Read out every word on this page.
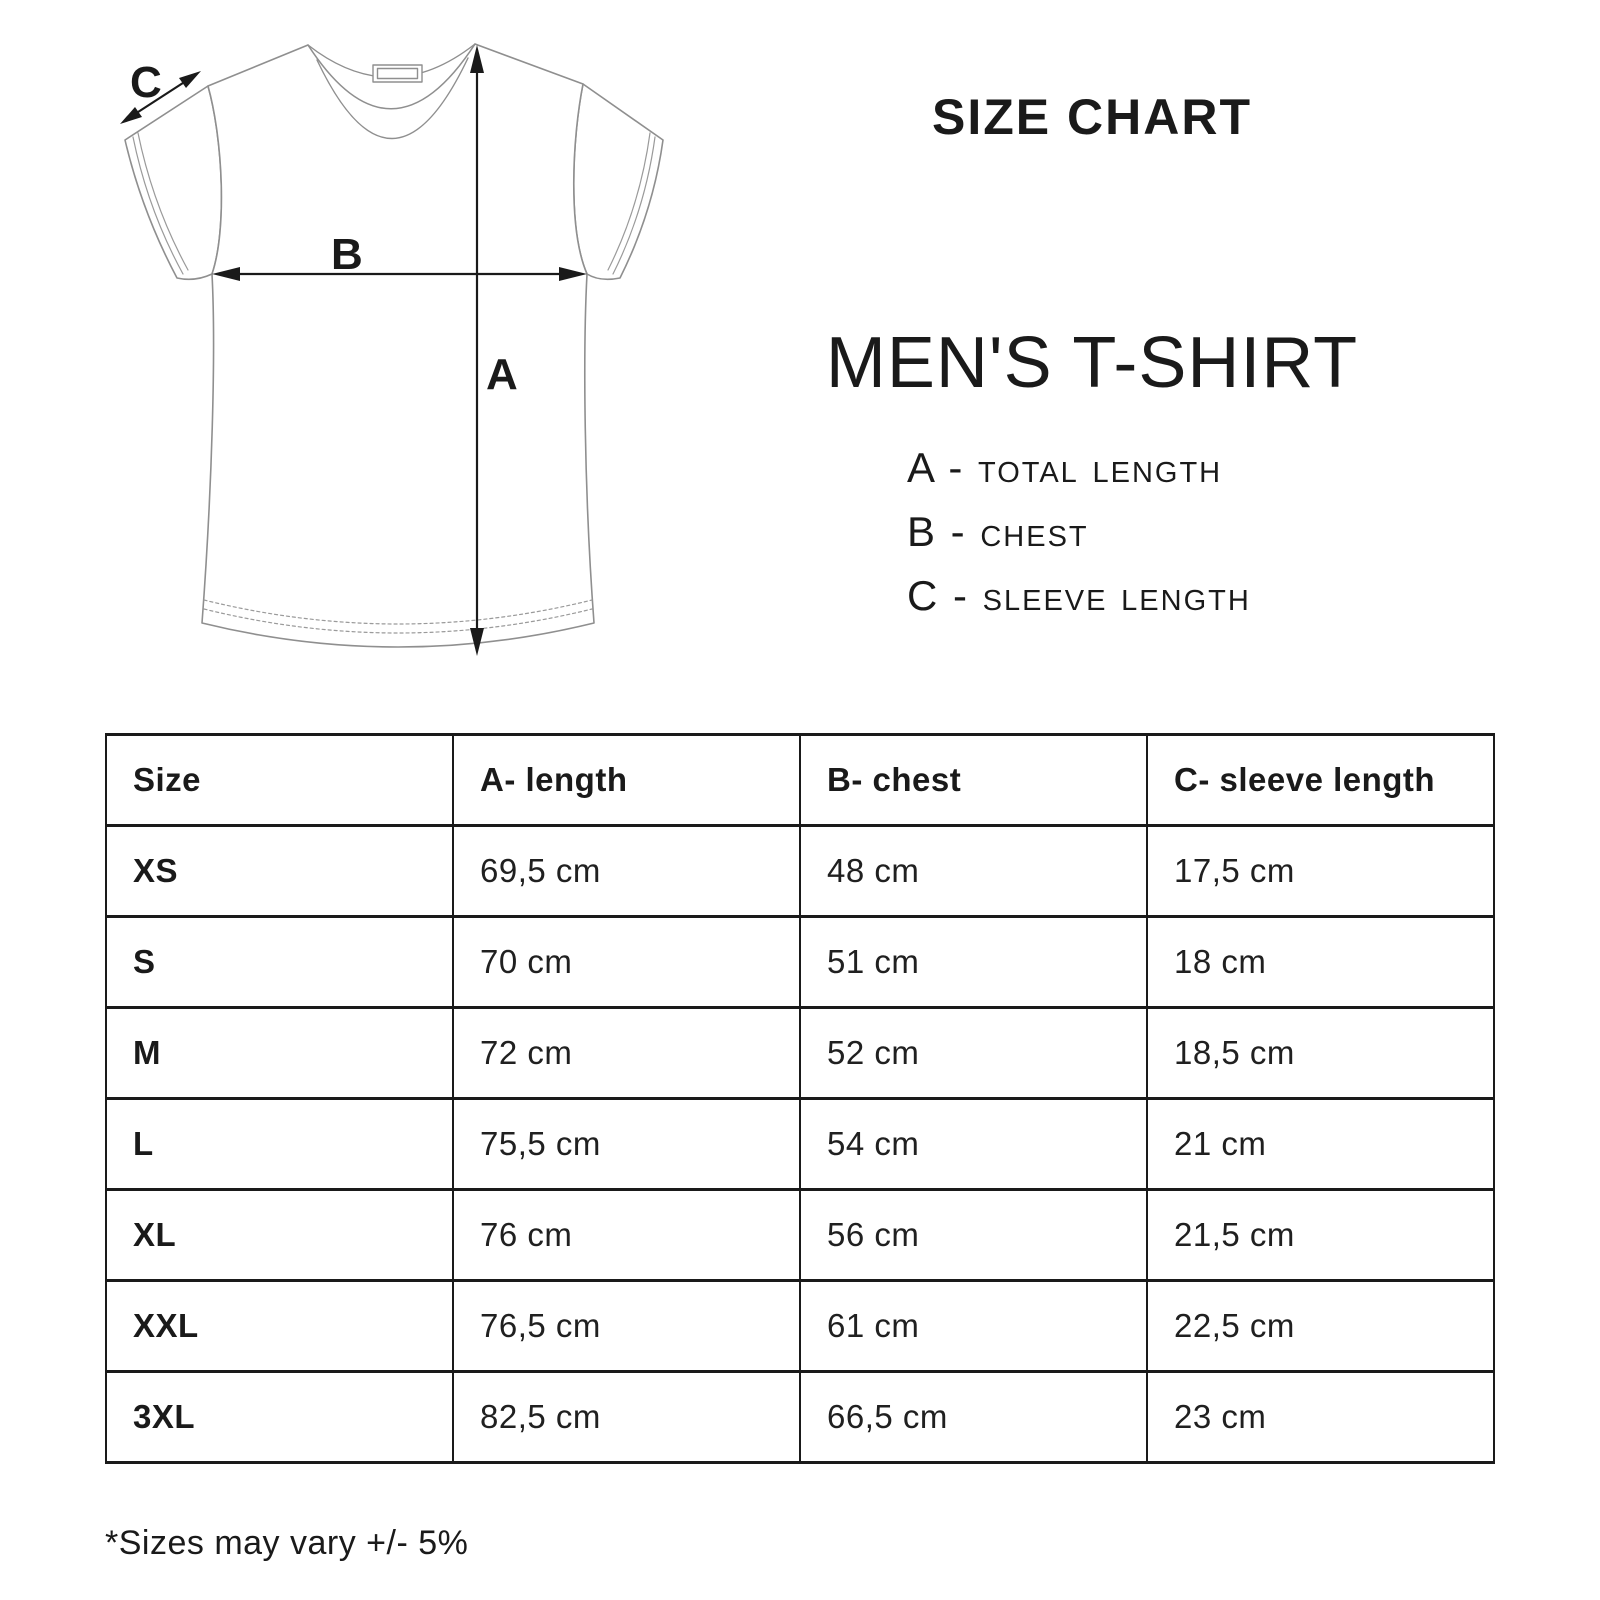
A
B
C
SIZE CHART
MEN'S T-SHIRT
A - total length
B - chest
C - sleeve length
Size	A- length	B- chest	C- sleeve length
XS	69,5 cm	48 cm	17,5 cm
S	70 cm	51 cm	18 cm
M	72 cm	52 cm	18,5 cm
L	75,5 cm	54 cm	21 cm
XL	76 cm	56 cm	21,5 cm
XXL	76,5 cm	61 cm	22,5 cm
3XL	82,5 cm	66,5 cm	23 cm
*Sizes may vary +/- 5%
